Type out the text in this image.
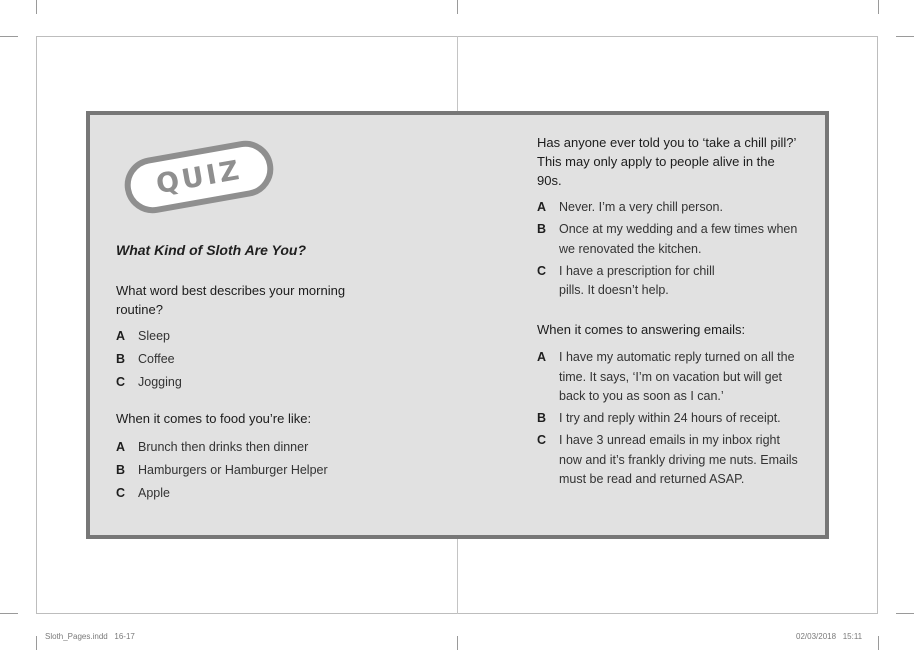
QUIZ
What Kind of Sloth Are You?
What word best describes your morning routine?
A	Sleep
B	Coffee
C	Jogging
When it comes to food you’re like:
A	Brunch then drinks then dinner
B	Hamburgers or Hamburger Helper
C	Apple
Has anyone ever told you to ‘take a chill pill?’ This may only apply to people alive in the 90s.
A	Never. I’m a very chill person.
B	Once at my wedding and a few times when we renovated the kitchen.
C	I have a prescription for chill pills. It doesn’t help.
When it comes to answering emails:
A	I have my automatic reply turned on all the time. It says, ‘I’m on vacation but will get back to you as soon as I can.’
B	I try and reply within 24 hours of receipt.
C	I have 3 unread emails in my inbox right now and it’s frankly driving me nuts. Emails must be read and returned ASAP.
Sloth_Pages.indd   16-17	02/03/2018   15:11
